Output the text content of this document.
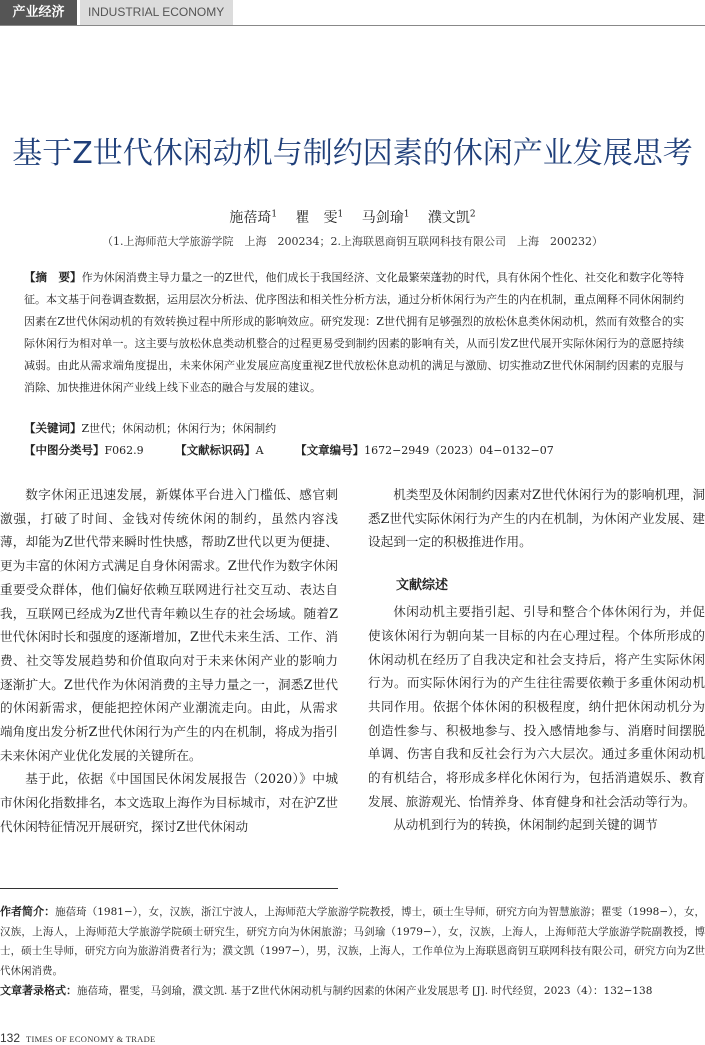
产业经济	INDUSTRIAL ECONOMY
基于Z世代休闲动机与制约因素的休闲产业发展思考
施蓓琦$^1$　 瞿　雯$^1$　 马剑瑜$^1$　 濮文凯$^2$
（1.上海师范大学旅游学院　上海　200234；2.上海联恩商钥互联网科技有限公司　上海　200232）
【摘　要】作为休闲消费主导力量之一的Z世代，他们成长于我国经济、文化最繁荣蓬勃的时代，具有休闲个性化、社交化和数字化等特征。本文基于问卷调查数据，运用层次分析法、优序图法和相关性分析方法，通过分析休闲行为产生的内在机制，重点阐释不同休闲制约因素在Z世代休闲动机的有效转换过程中所形成的影响效应。研究发现：Z世代拥有足够强烈的放松休息类休闲动机，然而有效整合的实际休闲行为相对单一。这主要与放松休息类动机整合的过程更易受到制约因素的影响有关，从而引发Z世代展开实际休闲行为的意愿持续减弱。由此从需求端角度提出，未来休闲产业发展应高度重视Z世代放松休息动机的满足与激励、切实推动Z世代休闲制约因素的克服与消除、加快推进休闲产业线上线下业态的融合与发展的建议。
【关键词】Z世代；休闲动机；休闲行为；休闲制约
【中图分类号】F062.9	【文献标识码】A	【文章编号】1672−2949（2023）04−0132−07

数字休闲正迅速发展，新媒体平台进入门槛低、感官刺激强，打破了时间、金钱对传统休闲的制约，虽然内容浅薄，却能为Z世代带来瞬时性快感，帮助Z世代以更为便捷、更为丰富的休闲方式满足自身休闲需求。Z世代作为数字休闲重要受众群体，他们偏好依赖互联网进行社交互动、表达自我，互联网已经成为Z世代青年赖以生存的社会场域。随着Z世代休闲时长和强度的逐渐增加，Z世代未来生活、工作、消费、社交等发展趋势和价值取向对于未来休闲产业的影响力逐渐扩大。Z世代作为休闲消费的主导力量之一，洞悉Z世代的休闲新需求，便能把控休闲产业潮流走向。由此，从需求端角度出发分析Z世代休闲行为产生的内在机制，将成为指引未来休闲产业优化发展的关键所在。

基于此，依据《中国国民休闲发展报告（2020）》中城市休闲化指数排名，本文选取上海作为目标城市，对在沪Z世代休闲特征情况开展研究，探讨Z世代休闲动

机类型及休闲制约因素对Z世代休闲行为的影响机理，洞悉Z世代实际休闲行为产生的内在机制，为休闲产业发展、建设起到一定的积极推进作用。

文献综述

休闲动机主要指引起、引导和整合个体休闲行为，并促使该休闲行为朝向某一目标的内在心理过程。个体所形成的休闲动机在经历了自我决定和社会支持后，将产生实际休闲行为。而实际休闲行为的产生往往需要依赖于多重休闲动机共同作用。依据个体休闲的积极程度，纳什把休闲动机分为创造性参与、积极地参与、投入感情地参与、消磨时间摆脱单调、伤害自我和反社会行为六大层次。通过多重休闲动机的有机结合，将形成多样化休闲行为，包括消遣娱乐、教育发展、旅游观光、怡情养身、体育健身和社会活动等行为。

从动机到行为的转换，休闲制约起到关键的调节

作者简介：施蓓琦（1981−），女，汉族，浙江宁波人，上海师范大学旅游学院教授，博士，硕士生导师，研究方向为智慧旅游；瞿雯（1998−），女，汉族，上海人，上海师范大学旅游学院硕士研究生，研究方向为休闲旅游；马剑瑜（1979−），女，汉族，上海人，上海师范大学旅游学院副教授，博士，硕士生导师，研究方向为旅游消费者行为；濮文凯（1997−），男，汉族，上海人，工作单位为上海联恩商钥互联网科技有限公司，研究方向为Z世代休闲消费。
文章著录格式：施蓓琦，瞿雯，马剑瑜，濮文凯. 基于Z世代休闲动机与制约因素的休闲产业发展思考 [J]. 时代经贸，2023（4）：132−138
132 TIMES OF ECONOMY & TRADE
